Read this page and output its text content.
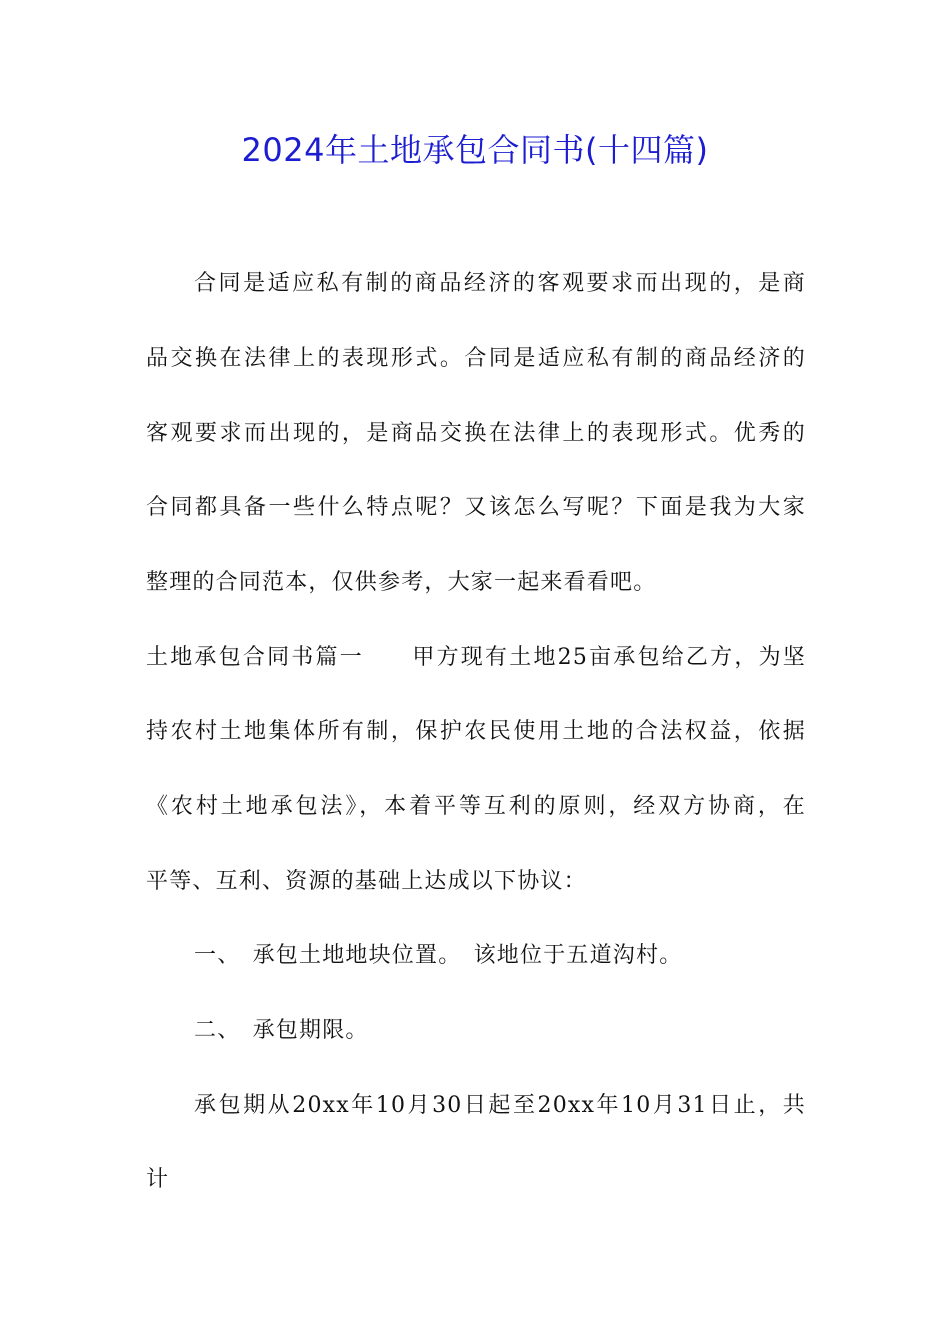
2024年土地承包合同书(十四篇)
合同是适应私有制的商品经济的客观要求而出现的，是商
品交换在法律上的表现形式。合同是适应私有制的商品经济的
客观要求而出现的，是商品交换在法律上的表现形式。优秀的
合同都具备一些什么特点呢？又该怎么写呢？下面是我为大家
整理的合同范本，仅供参考，大家一起来看看吧。
土地承包合同书篇一　　甲方现有土地25亩承包给乙方，为坚
持农村土地集体所有制，保护农民使用土地的合法权益，依据
《农村土地承包法》，本着平等互利的原则，经双方协商，在
平等、互利、资源的基础上达成以下协议：
一、　承包土地地块位置。　该地位于五道沟村。
二、　承包期限。
承包期从20xx年10月30日起至20xx年10月31日止，共
计
